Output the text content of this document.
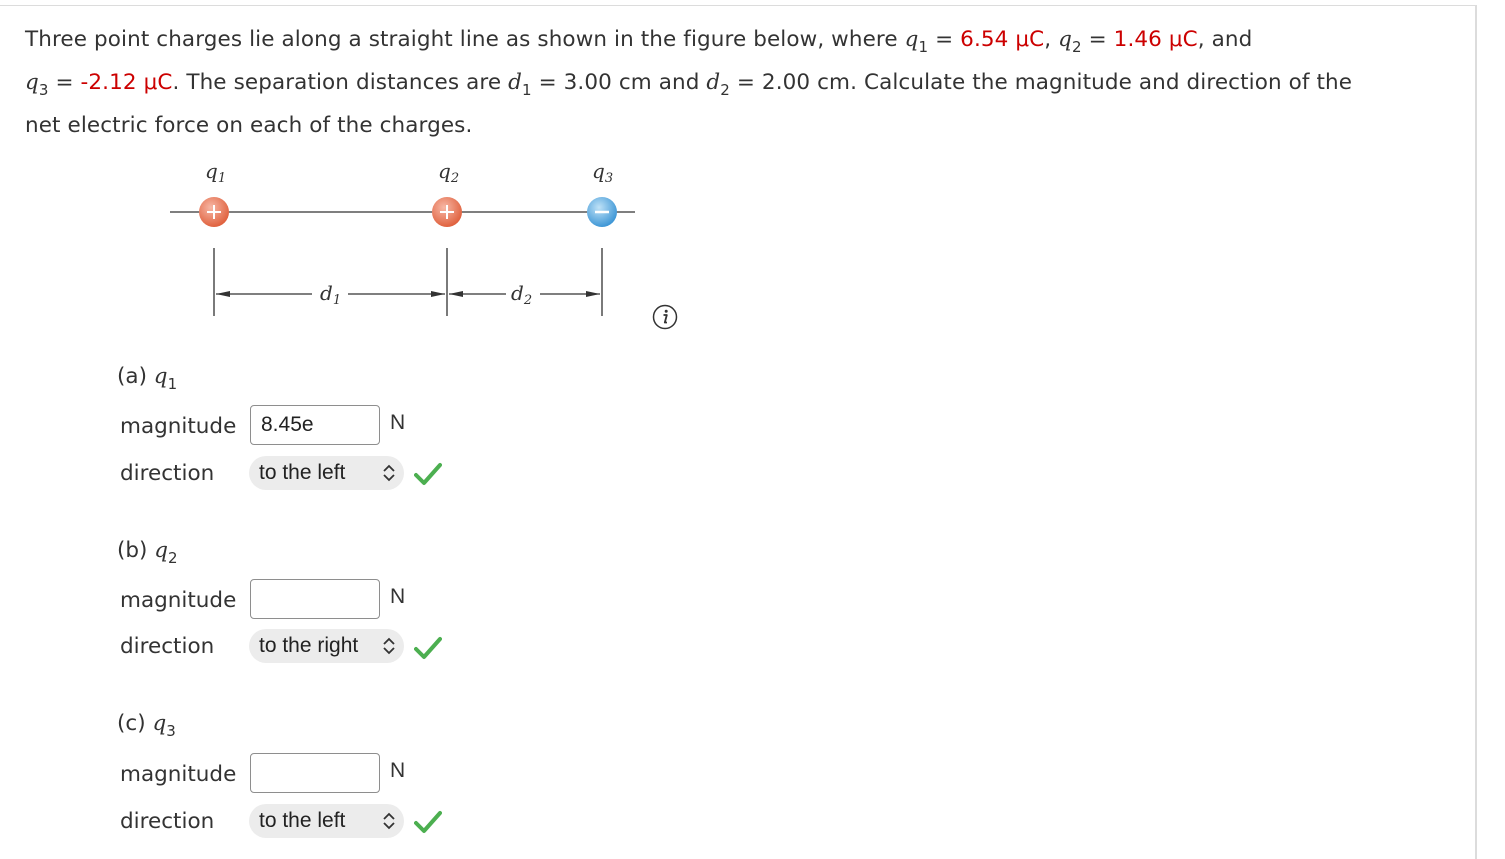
Three point charges lie along a straight line as shown in the figure below, where $q_1 = 6.54$ μC, $q_2 = 1.46$ μC, and
$q_3 = -2.12$ μC. The separation distances are $d_1 = 3.00$ cm and $d_2 = 2.00$ cm. Calculate the magnitude and direction of the
net electric force on each of the charges.
$q_1$	$q_2$	$q_3$
$d_1$	$d_2$
(a) $q_1$
magnitude	8.45e	N
direction	to the left
(b) $q_2$
magnitude	N
direction	to the right
(c) $q_3$
magnitude	N
direction	to the left
